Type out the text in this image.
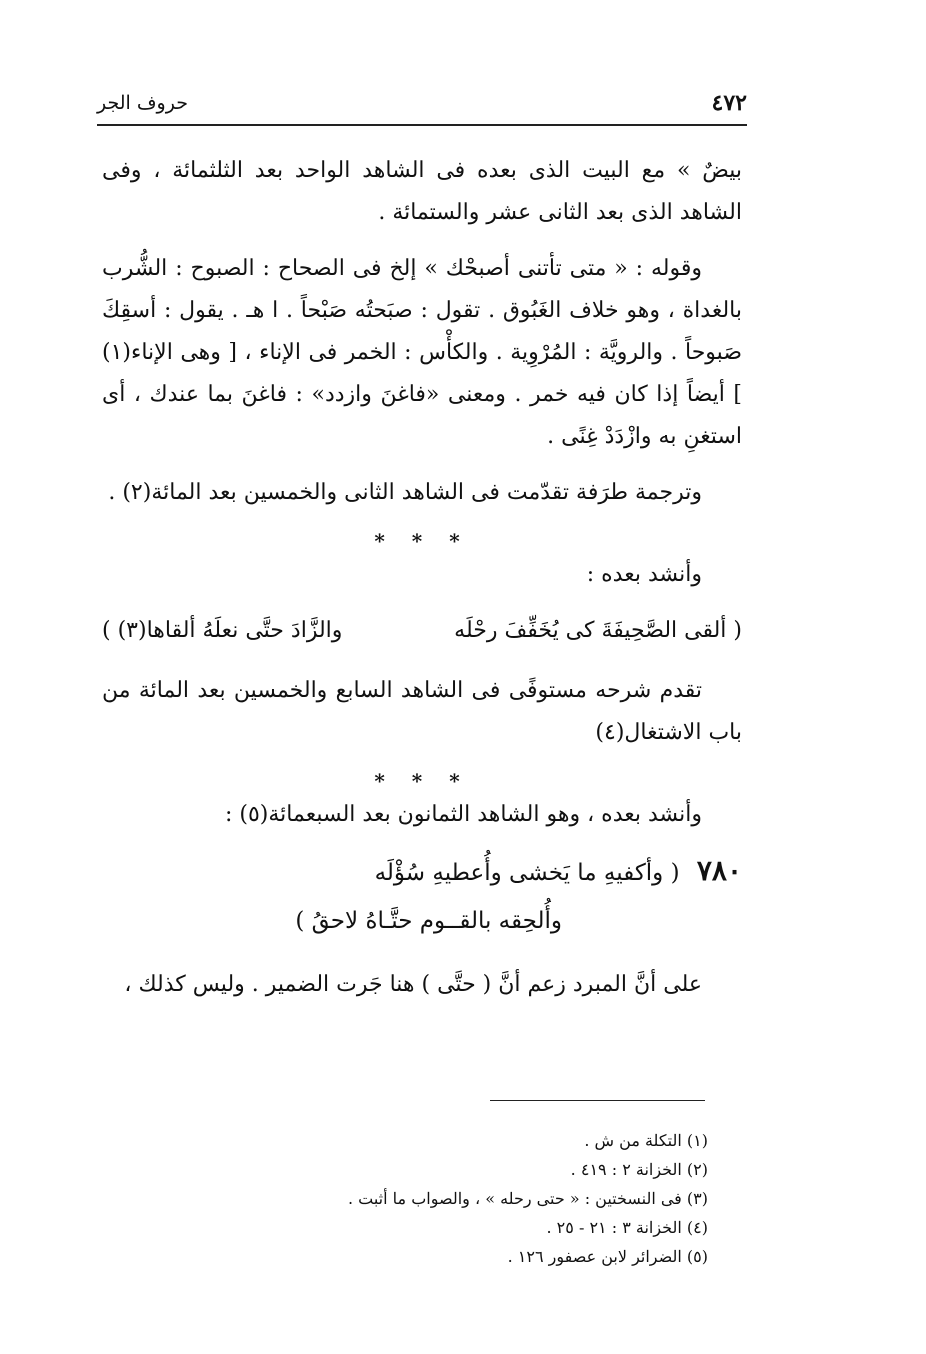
٤٧٢
حروف الجر

بيضٌ » مع البيت الذى بعده فى الشاهد الواحد بعد الثلثمائة ، وفى الشاهد الذى بعد الثانى عشر والستمائة .

وقوله : « متى تأتنى أصبحْك » إلخ فى الصحاح : الصبوح : الشُّرب بالغداة ، وهو خلاف الغَبُوق . تقول : صبَحتُه صَبْحاً . ا هـ . يقول : أسقِكَ صَبوحاً . والرويَّة : المُرْوِية . والكأْس : الخمر فى الإناء ، [ وهى الإناء(١) ] أيضاً إذا كان فيه خمر . ومعنى «فاغنَ وازدد» : فاغنَ بما عندك ، أى استغنِ به وازْدَدْ غِنًى .

وترجمة طرَفة تقدّمت فى الشاهد الثانى والخمسين بعد المائة(٢) .

* * *

وأنشد بعده :

( ألقى الصَّحِيفَةَ كى يُخَفِّفَ رحْلَه
والزَّادَ حتَّى نعلَهُ ألقاها(٣) )

تقدم شرحه مستوفًى فى الشاهد السابع والخمسين بعد المائة من باب الاشتغال(٤)

* * *

وأنشد بعده ، وهو الشاهد الثمانون بعد السبعمائة(٥) :

٧٨٠ ( وأكفيهِ ما يَخشى وأُعطيهِ سُؤْلَه
وأُلحِقه بالقــوم حتَّـاهُ لاحقُ )

على أنَّ المبرد زعم أنَّ ( حتَّى ) هنا جَرت الضمير . وليس كذلك ،

(١) التكلة من ش .
(٢) الخزانة ٢ : ٤١٩ .
(٣) فى النسختين : « حتى رحله » ، والصواب ما أثبت .
(٤) الخزانة ٣ : ٢١ - ٢٥ .
(٥) الضرائر لابن عصفور ١٢٦ .
